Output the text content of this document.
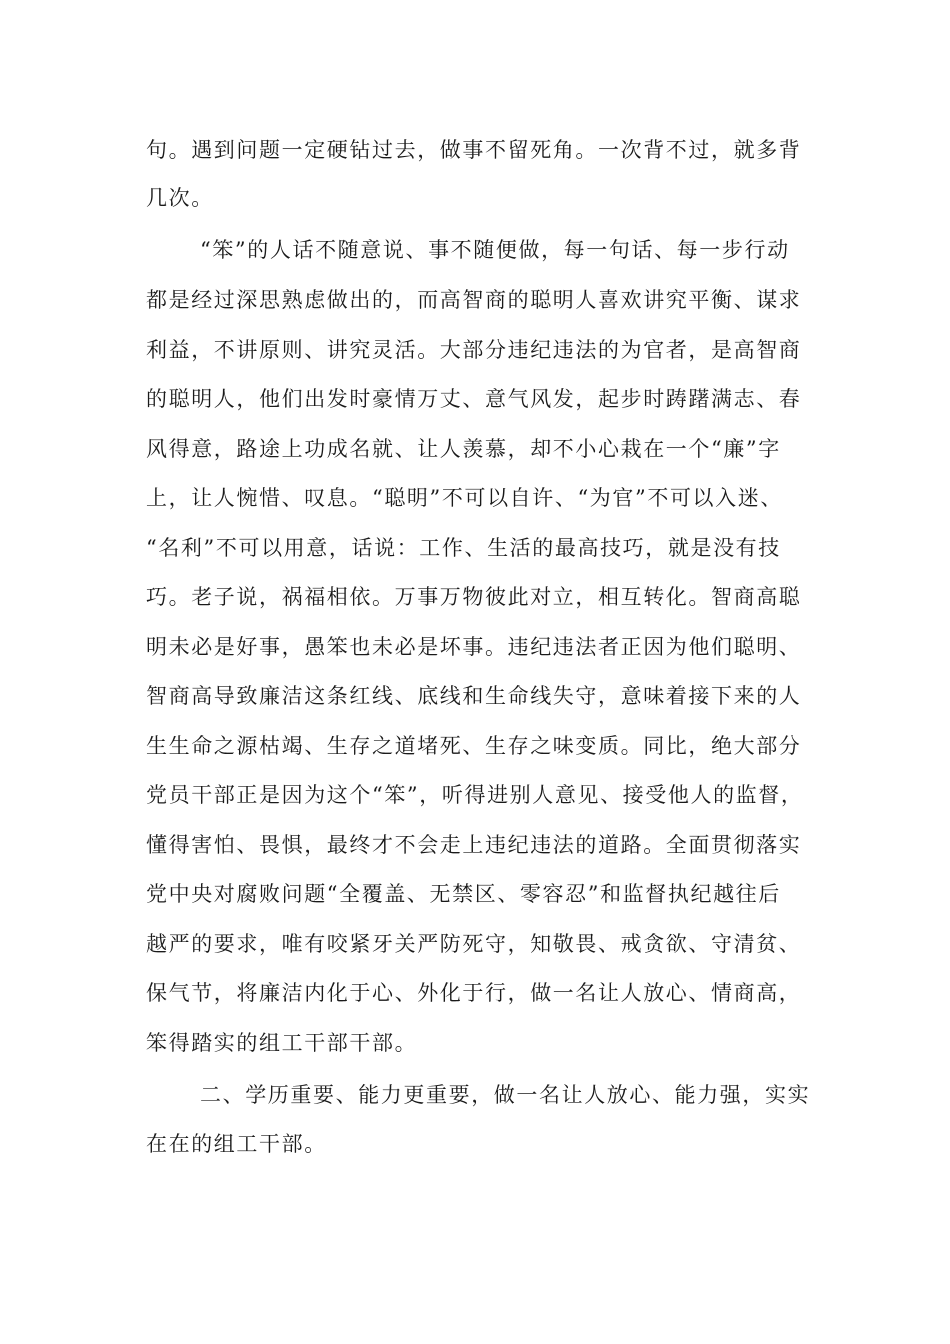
句。遇到问题一定硬钻过去，做事不留死角。一次背不过，就多背
几次。
“笨”的人话不随意说、事不随便做，每一句话、每一步行动
都是经过深思熟虑做出的，而高智商的聪明人喜欢讲究平衡、谋求
利益，不讲原则、讲究灵活。大部分违纪违法的为官者，是高智商
的聪明人，他们出发时豪情万丈、意气风发，起步时踌躇满志、春
风得意，路途上功成名就、让人羡慕，却不小心栽在一个“廉”字
上，让人惋惜、叹息。“聪明”不可以自许、“为官”不可以入迷、
“名利”不可以用意，话说：工作、生活的最高技巧，就是没有技
巧。老子说，祸福相依。万事万物彼此对立，相互转化。智商高聪
明未必是好事，愚笨也未必是坏事。违纪违法者正因为他们聪明、
智商高导致廉洁这条红线、底线和生命线失守，意味着接下来的人
生生命之源枯竭、生存之道堵死、生存之味变质。同比，绝大部分
党员干部正是因为这个“笨”，听得进别人意见、接受他人的监督，
懂得害怕、畏惧，最终才不会走上违纪违法的道路。全面贯彻落实
党中央对腐败问题“全覆盖、无禁区、零容忍”和监督执纪越往后
越严的要求，唯有咬紧牙关严防死守，知敬畏、戒贪欲、守清贫、
保气节，将廉洁内化于心、外化于行，做一名让人放心、情商高，
笨得踏实的组工干部干部。
二、学历重要、能力更重要，做一名让人放心、能力强，实实
在在的组工干部。
